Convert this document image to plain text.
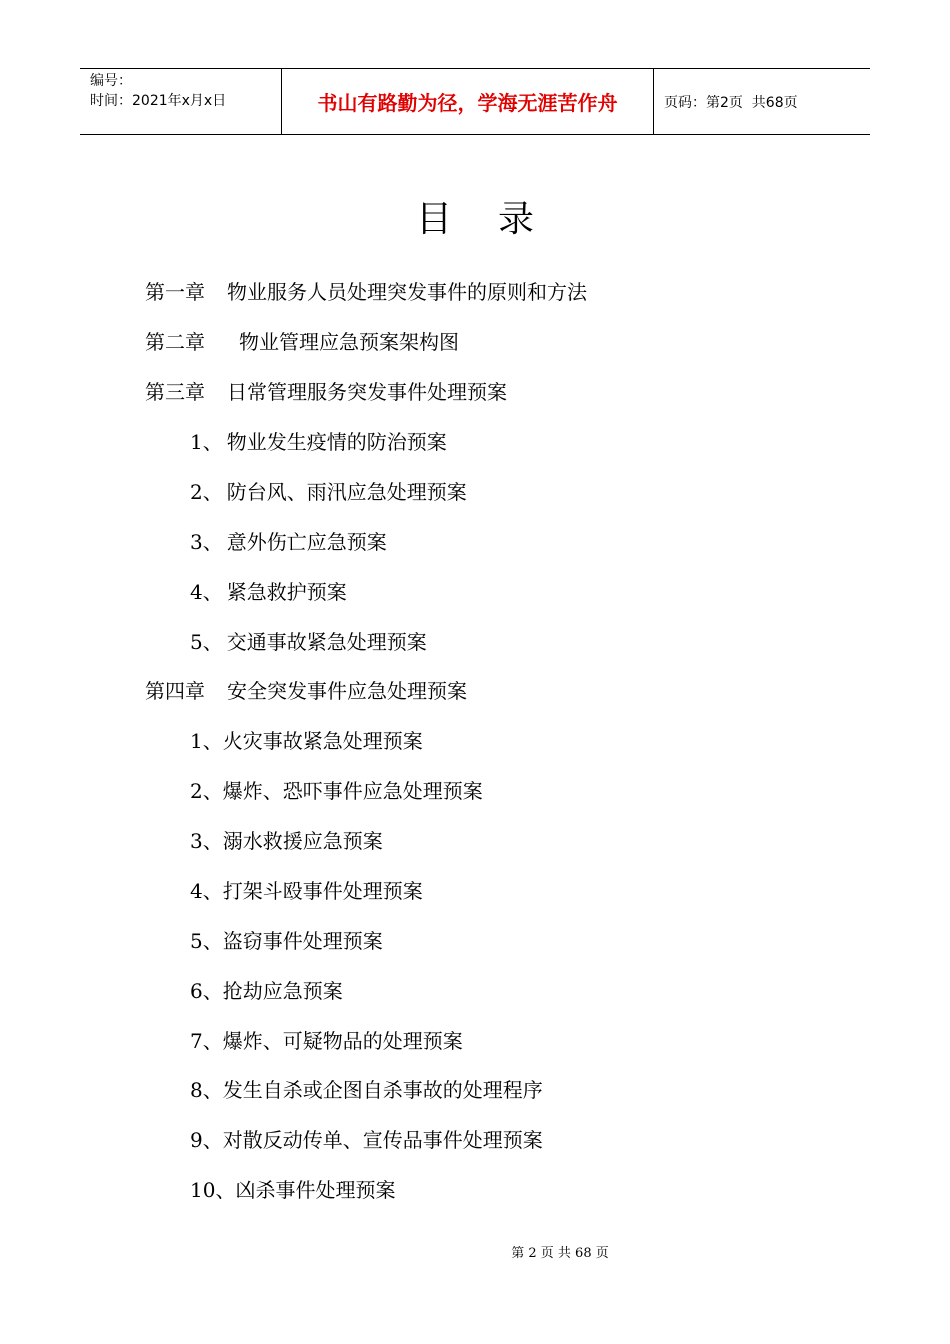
编号：
时间：2021年x月x日	书山有路勤为径，学海无涯苦作舟	页码：第2页  共68页
目 录
第一章 物业服务人员处理突发事件的原则和方法
第二章 物业管理应急预案架构图
第三章 日常管理服务突发事件处理预案
1、 物业发生疫情的防治预案
2、 防台风、雨汛应急处理预案
3、 意外伤亡应急预案
4、 紧急救护预案
5、 交通事故紧急处理预案
第四章 安全突发事件应急处理预案
1、火灾事故紧急处理预案
2、爆炸、恐吓事件应急处理预案
3、溺水救援应急预案
4、打架斗殴事件处理预案
5、盗窃事件处理预案
6、抢劫应急预案
7、爆炸、可疑物品的处理预案
8、发生自杀或企图自杀事故的处理程序
9、对散反动传单、宣传品事件处理预案
10、凶杀事件处理预案
第 2 页 共 68 页
